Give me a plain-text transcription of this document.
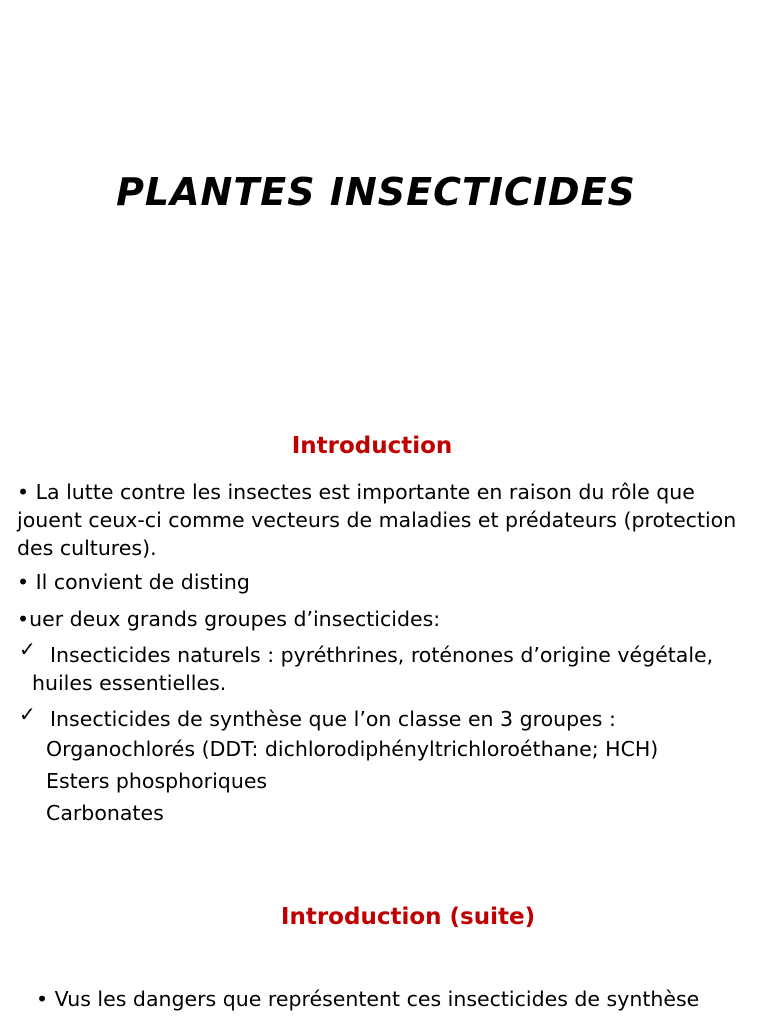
PLANTES INSECTICIDES
Introduction
• La lutte contre les insectes est importante en raison du rôle que
jouent ceux-ci comme vecteurs de maladies et prédateurs (protection
des cultures).
• Il convient de disting
•uer deux grands groupes d’insecticides:
✓ Insecticides naturels : pyréthrines, roténones d’origine végétale,
huiles essentielles.
✓ Insecticides de synthèse que l’on classe en 3 groupes :
Organochlorés (DDT: dichlorodiphényltrichloroéthane; HCH)
Esters phosphoriques
Carbonates
Introduction (suite)
• Vus les dangers que représentent ces insecticides de synthèse
